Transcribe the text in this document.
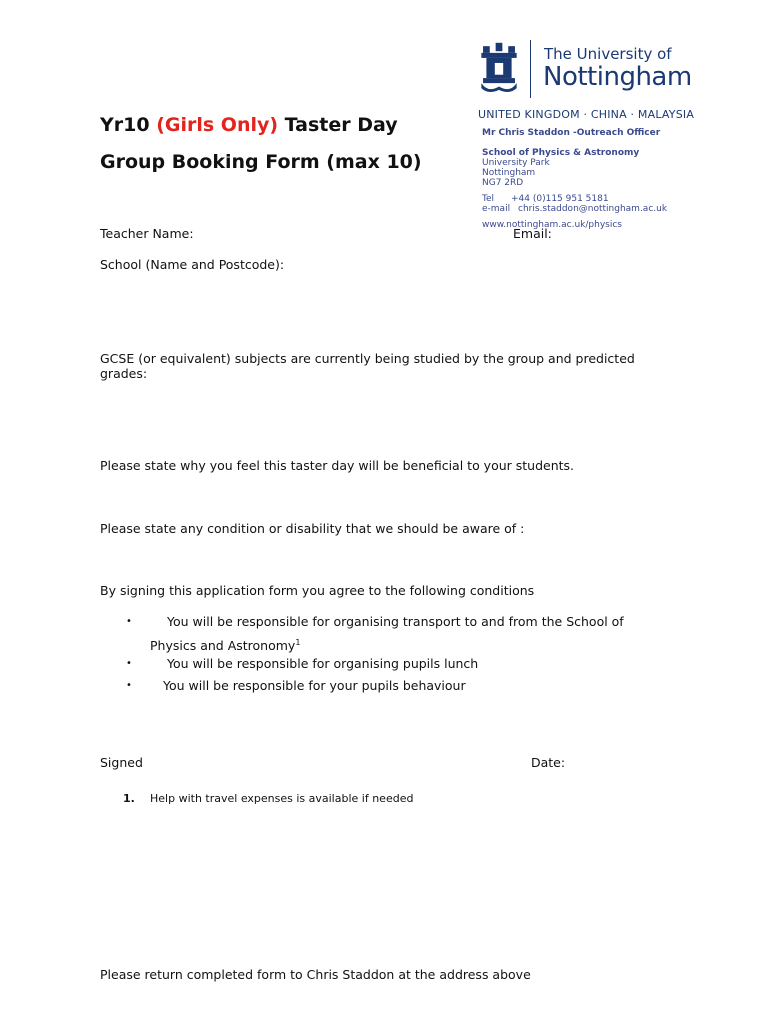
The University of
Nottingham
UNITED KINGDOM · CHINA · MALAYSIA
Mr Chris Staddon -Outreach Officer
School of Physics & Astronomy
University Park
Nottingham
NG7 2RD
Tel +44 (0)115 951 5181
e-mail chris.staddon@nottingham.ac.uk
www.nottingham.ac.uk/physics
Yr10 (Girls Only) Taster Day
Group Booking Form (max 10)
Teacher Name:	Email:
School (Name and Postcode):
GCSE (or equivalent) subjects are currently being studied by the group and predicted grades:
Please state why you feel this taster day will be beneficial to your students.
Please state any condition or disability that we should be aware of :
By signing this application form you agree to the following conditions
•	You will be responsible for organising transport to and from the School of
Physics and Astronomy$^1$
•	You will be responsible for organising pupils lunch
• You will be responsible for your pupils behaviour
Signed	Date:
1. Help with travel expenses is available if needed
Please return completed form to Chris Staddon at the address above
